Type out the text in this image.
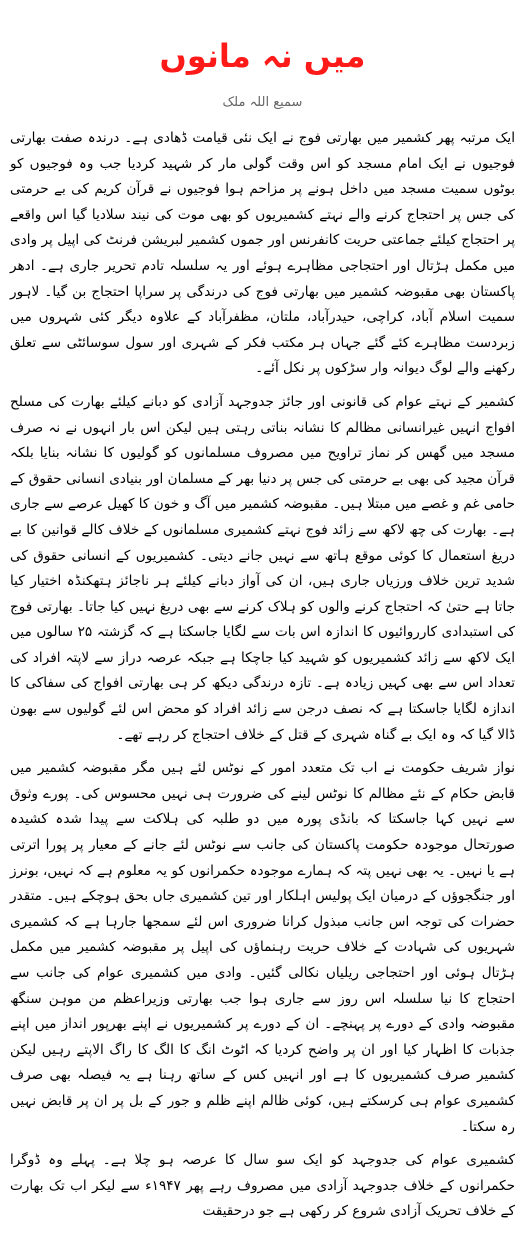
میں نہ مانوں
سمیع اللہ ملک

ایک مرتبہ پھر کشمیر میں بھارتی فوج نے ایک نئی قیامت ڈھادی ہے۔ درندہ صفت بھارتی فوجیوں نے ایک امام مسجد کو اس وقت گولی مار کر شہید کردیا جب وہ فوجیوں کو بوٹوں سمیت مسجد میں داخل ہونے پر مزاحم ہوا فوجیوں نے قرآن کریم کی بے حرمتی کی جس پر احتجاج کرنے والے نہتے کشمیریوں کو بھی موت کی نیند سلادیا گیا اس واقعے پر احتجاج کیلئے جماعتی حریت کانفرنس اور جموں کشمیر لبریشن فرنٹ کی اپیل پر وادی میں مکمل ہڑتال اور احتجاجی مظاہرے ہوئے اور یہ سلسلہ تادم تحریر جاری ہے۔ ادھر پاکستان بھی مقبوضہ کشمیر میں بھارتی فوج کی درندگی پر سراپا احتجاج بن گیا۔ لاہور سمیت اسلام آباد، کراچی، حیدرآباد، ملتان، مظفرآباد کے علاوہ دیگر کئی شہروں میں زبردست مظاہرے کئے گئے جہاں ہر مکتب فکر کے شہری اور سول سوسائٹی سے تعلق رکھنے والے لوگ دیوانہ وار سڑکوں پر نکل آئے۔

کشمیر کے نہتے عوام کی قانونی اور جائز جدوجہد آزادی کو دبانے کیلئے بھارت کی مسلح افواج انہیں غیرانسانی مظالم کا نشانہ بناتی رہتی ہیں لیکن اس بار انہوں نے نہ صرف مسجد میں گھس کر نماز تراویح میں مصروف مسلمانوں کو گولیوں کا نشانہ بنایا بلکہ قرآن مجید کی بھی بے حرمتی کی جس پر دنیا بھر کے مسلمان اور بنیادی انسانی حقوق کے حامی غم و غصے میں مبتلا ہیں۔ مقبوضہ کشمیر میں آگ و خون کا کھیل عرصے سے جاری ہے۔ بھارت کی چھ لاکھ سے زائد فوج نہتے کشمیری مسلمانوں کے خلاف کالے قوانین کا بے دریغ استعمال کا کوئی موقع ہاتھ سے نہیں جانے دیتی۔ کشمیریوں کے انسانی حقوق کی شدید ترین خلاف ورزیاں جاری ہیں، ان کی آواز دبانے کیلئے ہر ناجائز ہتھکنڈہ اختیار کیا جاتا ہے حتیٰ کہ احتجاج کرنے والوں کو ہلاک کرنے سے بھی دریغ نہیں کیا جاتا۔ بھارتی فوج کی استبدادی کارروائیوں کا اندازہ اس بات سے لگایا جاسکتا ہے کہ گزشتہ ۲۵ سالوں میں ایک لاکھ سے زائد کشمیریوں کو شہید کیا جاچکا ہے جبکہ عرصہ دراز سے لاپتہ افراد کی تعداد اس سے بھی کہیں زیادہ ہے۔ تازہ درندگی دیکھ کر ہی بھارتی افواج کی سفاکی کا اندازہ لگایا جاسکتا ہے کہ نصف درجن سے زائد افراد کو محض اس لئے گولیوں سے بھون ڈالا گیا کہ وہ ایک بے گناہ شہری کے قتل کے خلاف احتجاج کر رہے تھے۔

نواز شریف حکومت نے اب تک متعدد امور کے نوٹس لئے ہیں مگر مقبوضہ کشمیر میں قابض حکام کے نئے مظالم کا نوٹس لینے کی ضرورت ہی نہیں محسوس کی۔ پورے وثوق سے نہیں کہا جاسکتا کہ بانڈی پورہ میں دو طلبہ کی ہلاکت سے پیدا شدہ کشیدہ صورتحال موجودہ حکومت پاکستان کی جانب سے نوٹس لئے جانے کے معیار پر پورا اترتی ہے یا نہیں۔ یہ بھی نہیں پتہ کہ ہمارے موجودہ حکمرانوں کو یہ معلوم ہے کہ نہیں، بونرز اور جنگجوؤں کے درمیان ایک پولیس اہلکار اور تین کشمیری جاں بحق ہوچکے ہیں۔ متقدر حضرات کی توجہ اس جانب مبذول کرانا ضروری اس لئے سمجھا جارہا ہے کہ کشمیری شہریوں کی شہادت کے خلاف حریت رہنماؤں کی اپیل پر مقبوضہ کشمیر میں مکمل ہڑتال ہوئی اور احتجاجی ریلیاں نکالی گئیں۔ وادی میں کشمیری عوام کی جانب سے احتجاج کا نیا سلسلہ اس روز سے جاری ہوا جب بھارتی وزیراعظم من موہن سنگھ مقبوضہ وادی کے دورے پر پہنچے۔ ان کے دورے پر کشمیریوں نے اپنے بھرپور انداز میں اپنے جذبات کا اظہار کیا اور ان پر واضح کردیا کہ اٹوٹ انگ کا الگ کا راگ الاپتے رہیں لیکن کشمیر صرف کشمیریوں کا ہے اور انہیں کس کے ساتھ رہنا ہے یہ فیصلہ بھی صرف کشمیری عوام ہی کرسکتے ہیں، کوئی ظالم اپنے ظلم و جور کے بل پر ان پر قابض نہیں رہ سکتا۔

کشمیری عوام کی جدوجہد کو ایک سو سال کا عرصہ ہو چلا ہے۔ پہلے وہ ڈوگرا حکمرانوں کے خلاف جدوجہد آزادی میں مصروف رہے پھر ۱۹۴۷ء سے لیکر اب تک بھارت کے خلاف تحریک آزادی شروع کر رکھی ہے جو درحقیقت
